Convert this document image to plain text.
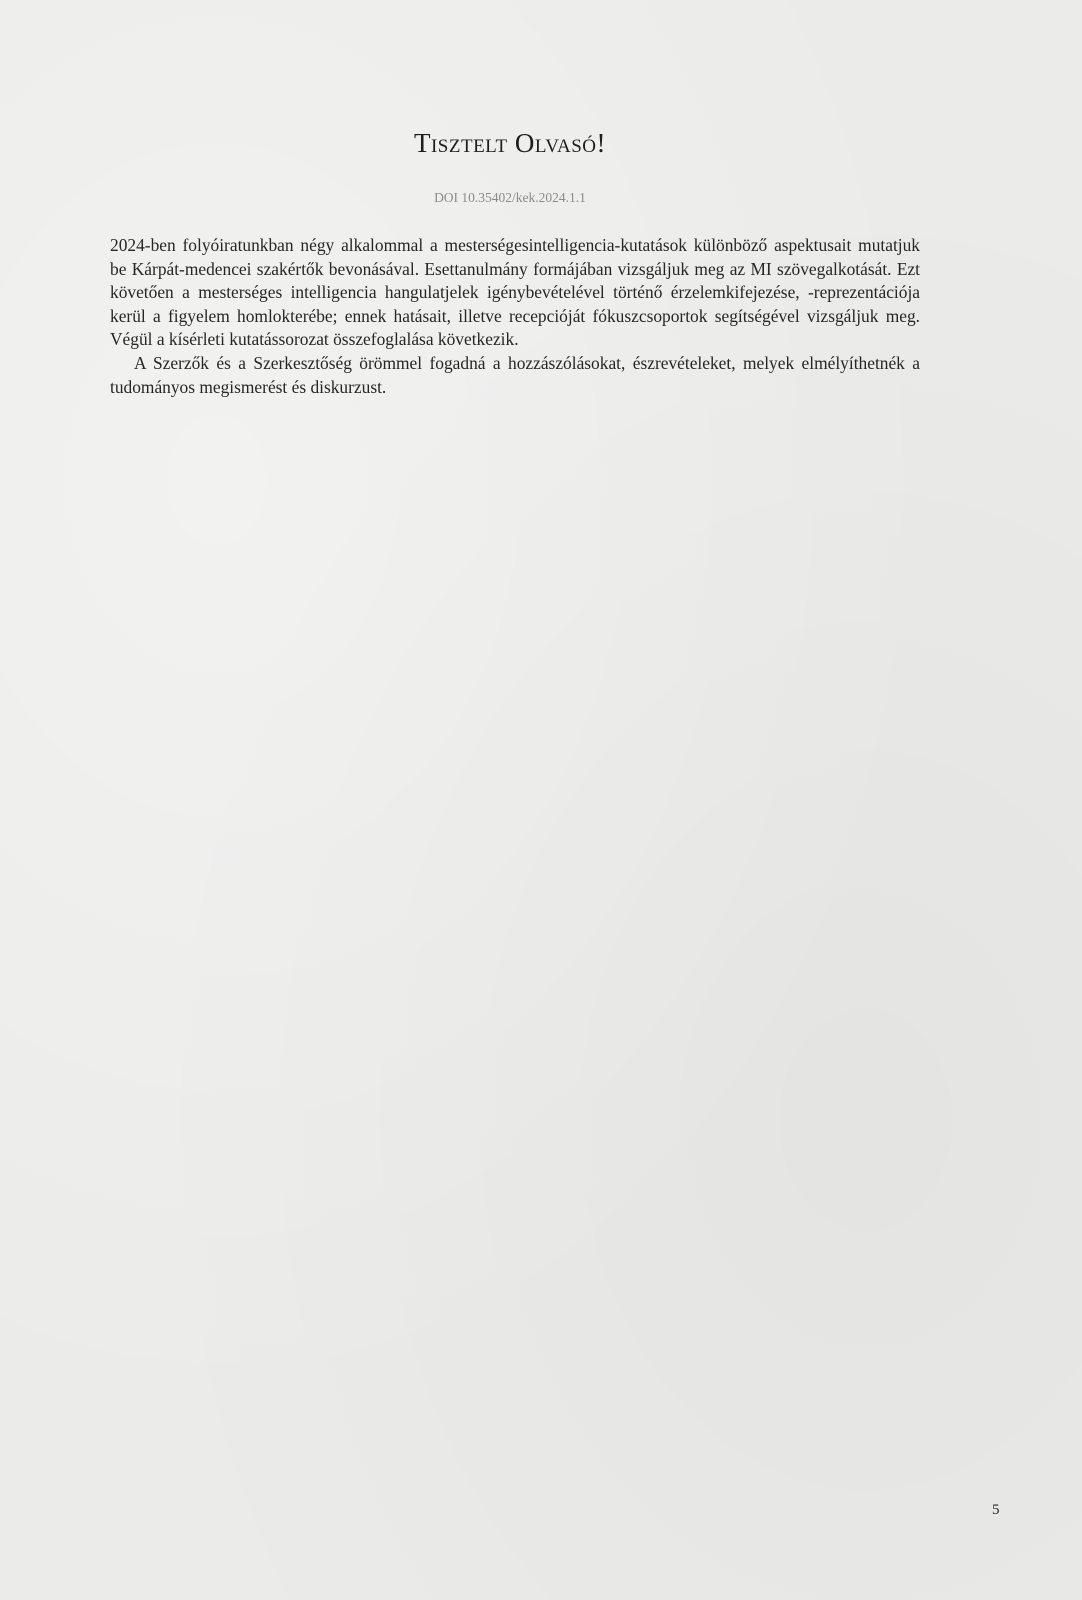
Tisztelt Olvasó!
DOI 10.35402/kek.2024.1.1

2024-ben folyóiratunkban négy alkalommal a mesterségesintelligencia-kutatások különböző aspektusait mutatjuk be Kárpát-medencei szakértők bevonásával. Esettanulmány formájában vizsgáljuk meg az MI szövegalkotását. Ezt követően a mesterséges intelligencia hangulatjelek igénybevételével történő érzelemkifejezése, -reprezentációja kerül a figyelem homlokterébe; ennek hatásait, illetve recepcióját fókuszcsoportok segítségével vizsgáljuk meg. Végül a kísérleti kutatássorozat összefoglalása következik.

A Szerzők és a Szerkesztőség örömmel fogadná a hozzászólásokat, észrevételeket, melyek elmélyíthetnék a tudományos megismerést és diskurzust.

5
